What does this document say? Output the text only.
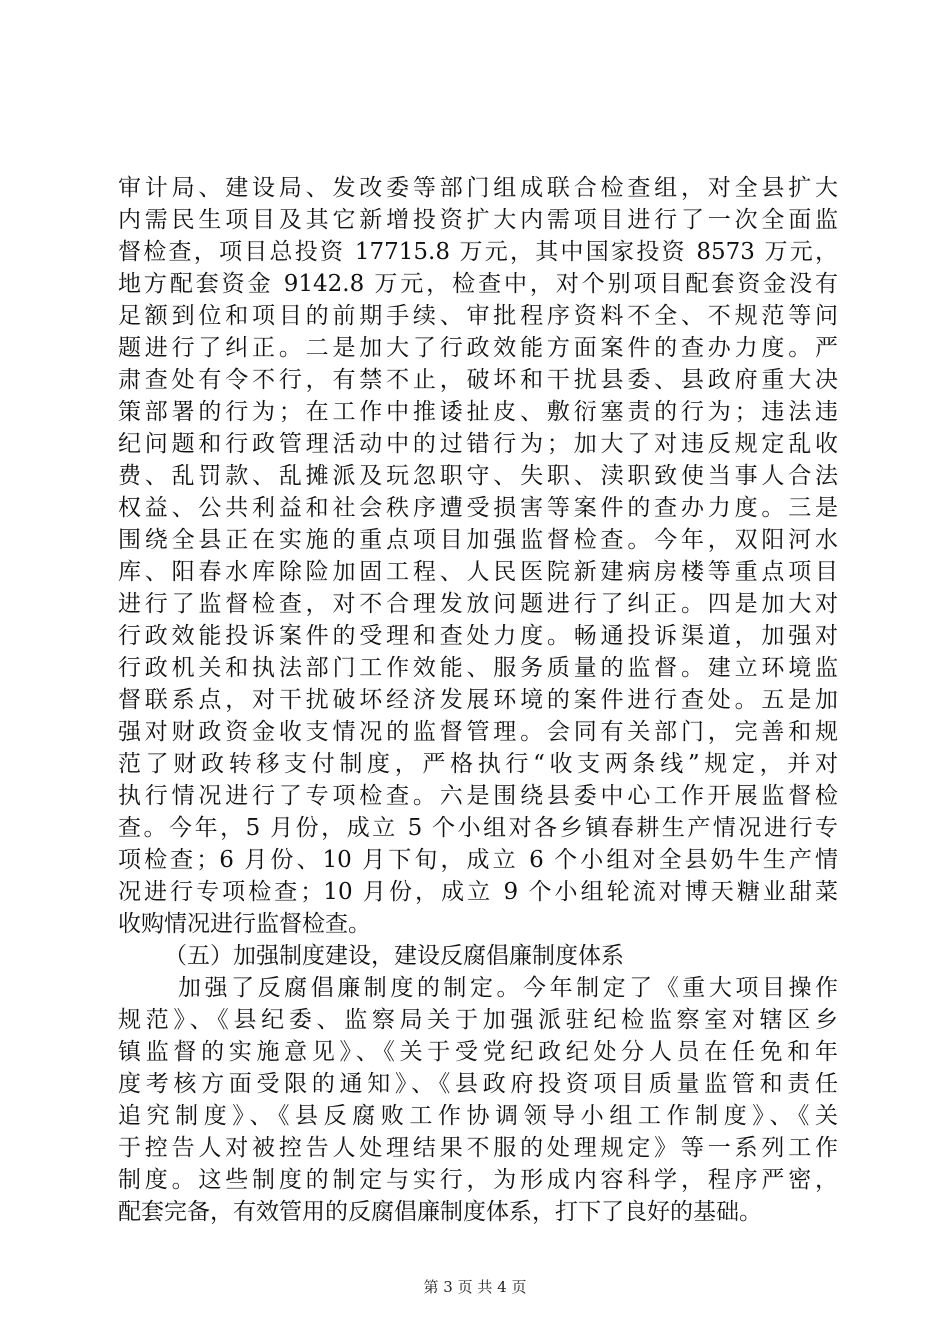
审计局、建设局、发改委等部门组成联合检查组，对全县扩大
内需民生项目及其它新增投资扩大内需项目进行了一次全面监
督检查，项目总投资 17715.8 万元，其中国家投资 8573 万元，
地方配套资金 9142.8 万元，检查中，对个别项目配套资金没有
足额到位和项目的前期手续、审批程序资料不全、不规范等问
题进行了纠正。二是加大了行政效能方面案件的查办力度。严
肃查处有令不行，有禁不止，破坏和干扰县委、县政府重大决
策部署的行为；在工作中推诿扯皮、敷衍塞责的行为；违法违
纪问题和行政管理活动中的过错行为；加大了对违反规定乱收
费、乱罚款、乱摊派及玩忽职守、失职、渎职致使当事人合法
权益、公共利益和社会秩序遭受损害等案件的查办力度。三是
围绕全县正在实施的重点项目加强监督检查。今年，双阳河水
库、阳春水库除险加固工程、人民医院新建病房楼等重点项目
进行了监督检查，对不合理发放问题进行了纠正。四是加大对
行政效能投诉案件的受理和查处力度。畅通投诉渠道，加强对
行政机关和执法部门工作效能、服务质量的监督。建立环境监
督联系点，对干扰破坏经济发展环境的案件进行查处。五是加
强对财政资金收支情况的监督管理。会同有关部门，完善和规
范了财政转移支付制度，严格执行“收支两条线”规定，并对
执行情况进行了专项检查。六是围绕县委中心工作开展监督检
查。今年，5 月份，成立 5 个小组对各乡镇春耕生产情况进行专
项检查；6 月份、10 月下旬，成立 6 个小组对全县奶牛生产情
况进行专项检查；10 月份，成立 9 个小组轮流对博天糖业甜菜
收购情况进行监督检查。
（五）加强制度建设，建设反腐倡廉制度体系
加强了反腐倡廉制度的制定。今年制定了《重大项目操作
规范》、《县纪委、监察局关于加强派驻纪检监察室对辖区乡
镇监督的实施意见》、《关于受党纪政纪处分人员在任免和年
度考核方面受限的通知》、《县政府投资项目质量监管和责任
追究制度》、《县反腐败工作协调领导小组工作制度》、《关
于控告人对被控告人处理结果不服的处理规定》等一系列工作
制度。这些制度的制定与实行，为形成内容科学，程序严密，
配套完备，有效管用的反腐倡廉制度体系，打下了良好的基础。
第 3 页 共 4 页
